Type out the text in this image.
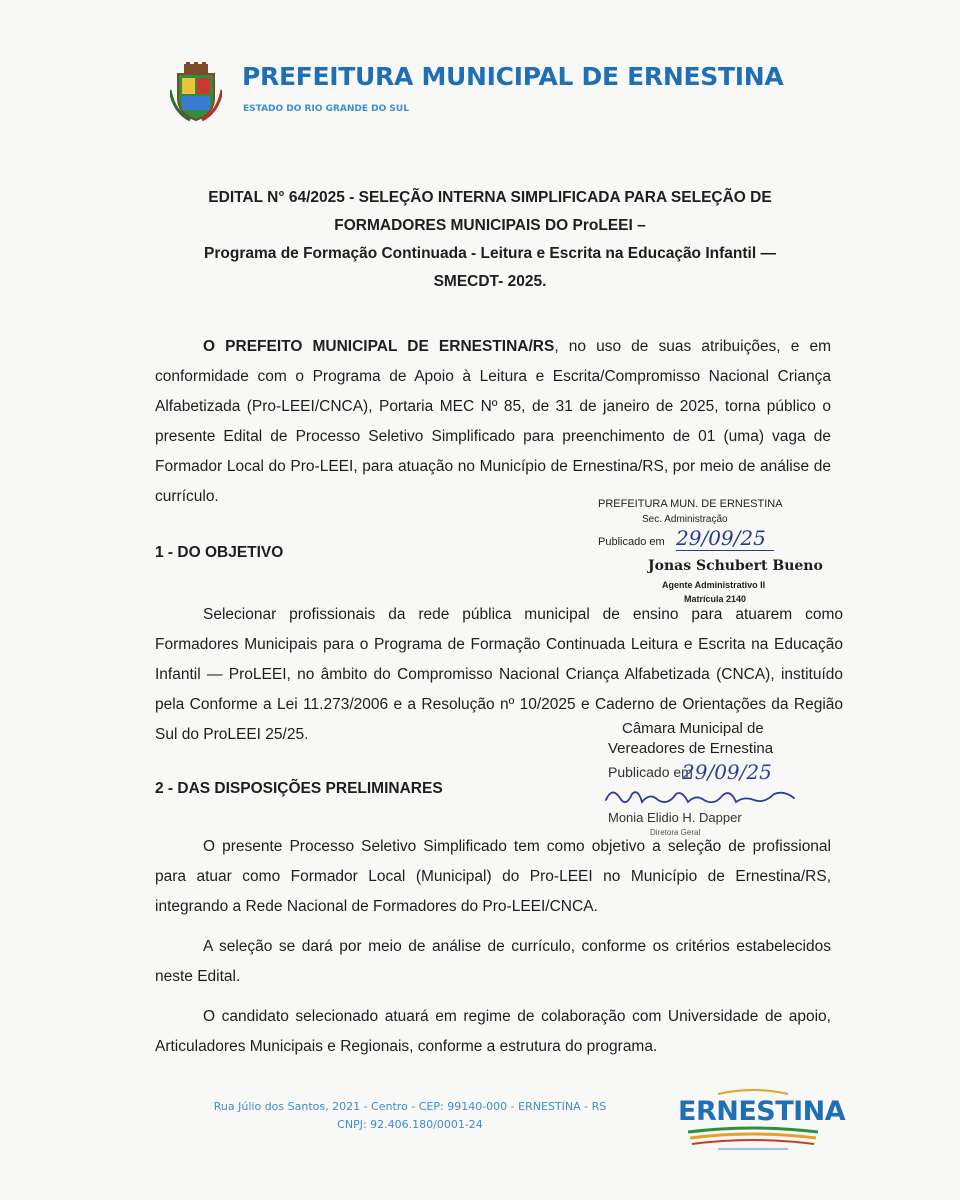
PREFEITURA MUNICIPAL DE ERNESTINA
ESTADO DO RIO GRANDE DO SUL
EDITAL N° 64/2025 - SELEÇÃO INTERNA SIMPLIFICADA PARA SELEÇÃO DE
FORMADORES MUNICIPAIS DO ProLEEI –
Programa de Formação Continuada - Leitura e Escrita na Educação Infantil —
SMECDT- 2025.
O PREFEITO MUNICIPAL DE ERNESTINA/RS, no uso de suas atribuições, e em conformidade com o Programa de Apoio à Leitura e Escrita/Compromisso Nacional Criança Alfabetizada (Pro-LEEI/CNCA), Portaria MEC Nº 85, de 31 de janeiro de 2025, torna público o presente Edital de Processo Seletivo Simplificado para preenchimento de 01 (uma) vaga de Formador Local do Pro-LEEI, para atuação no Município de Ernestina/RS, por meio de análise de currículo.
1 - DO OBJETIVO
Selecionar profissionais da rede pública municipal de ensino para atuarem como Formadores Municipais para o Programa de Formação Continuada Leitura e Escrita na Educação Infantil — ProLEEI, no âmbito do Compromisso Nacional Criança Alfabetizada (CNCA), instituído pela Conforme a Lei 11.273/2006 e a Resolução nº 10/2025 e Caderno de Orientações da Região Sul do ProLEEI 25/25.
2 - DAS DISPOSIÇÕES PRELIMINARES
O presente Processo Seletivo Simplificado tem como objetivo a seleção de profissional para atuar como Formador Local (Municipal) do Pro-LEEI no Município de Ernestina/RS, integrando a Rede Nacional de Formadores do Pro-LEEI/CNCA.
A seleção se dará por meio de análise de currículo, conforme os critérios estabelecidos neste Edital.
O candidato selecionado atuará em regime de colaboração com Universidade de apoio, Articuladores Municipais e Regionais, conforme a estrutura do programa.
PREFEITURA MUN. DE ERNESTINA
Sec. Administração
Publicado em 29/09/25
Jonas Schubert Bueno
Agente Administrativo II
Matrícula 2140
Câmara Municipal de
Vereadores de Ernestina
Publicado em
29/09/25
Monia Elidio H. Dapper
Diretora Geral
Rua Júlio dos Santos, 2021 - Centro - CEP: 99140-000 - ERNESTINA - RS
CNPJ: 92.406.180/0001-24	ERNESTINA
